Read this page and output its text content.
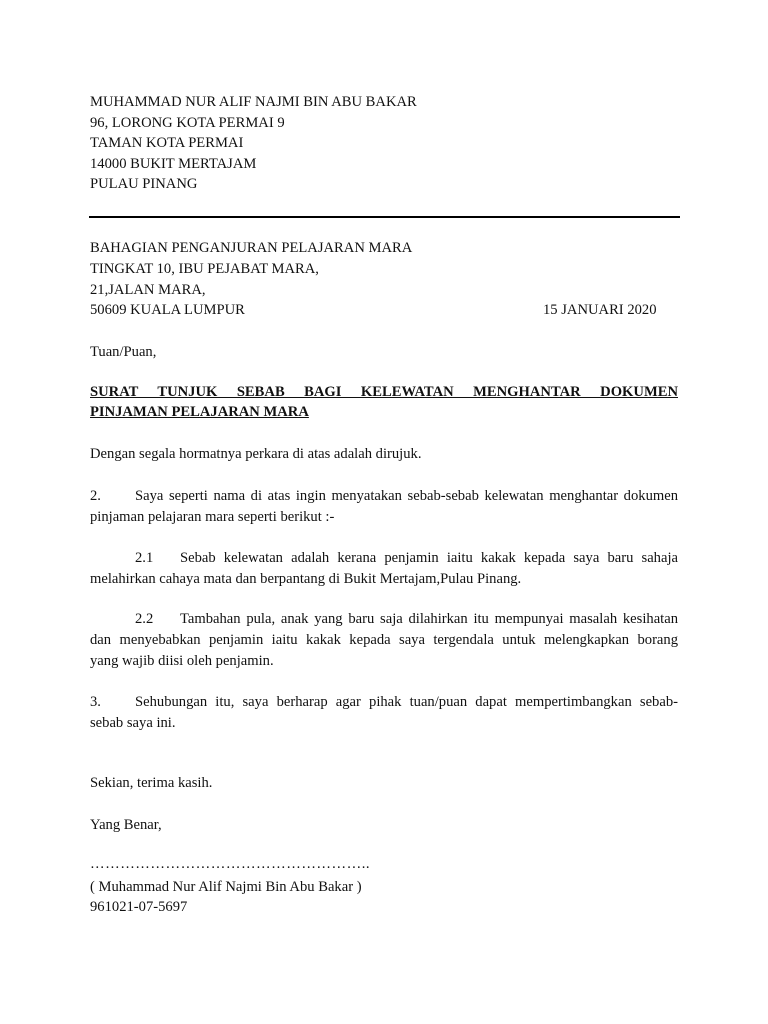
MUHAMMAD NUR ALIF NAJMI BIN ABU BAKAR
96, LORONG KOTA PERMAI 9
TAMAN KOTA PERMAI
14000 BUKIT MERTAJAM
PULAU PINANG
BAHAGIAN PENGANJURAN PELAJARAN MARA
TINGKAT 10, IBU PEJABAT MARA,
21,JALAN MARA,
50609 KUALA LUMPUR	15 JANUARI 2020
Tuan/Puan,
SURAT TUNJUK SEBAB BAGI KELEWATAN MENGHANTAR DOKUMEN
PINJAMAN PELAJARAN MARA
Dengan segala hormatnya perkara di atas adalah dirujuk.
2. Saya seperti nama di atas ingin menyatakan sebab-sebab kelewatan menghantar dokumen
pinjaman pelajaran mara seperti berikut :-
2.1 Sebab kelewatan adalah kerana penjamin iaitu kakak kepada saya baru sahaja
melahirkan cahaya mata dan berpantang di Bukit Mertajam,Pulau Pinang.
2.2 Tambahan pula, anak yang baru saja dilahirkan itu mempunyai masalah kesihatan
dan menyebabkan penjamin iaitu kakak kepada saya tergendala untuk melengkapkan borang
yang wajib diisi oleh penjamin.
3. Sehubungan itu, saya berharap agar pihak tuan/puan dapat mempertimbangkan sebab-
sebab saya ini.
Sekian, terima kasih.
Yang Benar,
………………………………………………..
( Muhammad Nur Alif Najmi Bin Abu Bakar )
961021-07-5697
